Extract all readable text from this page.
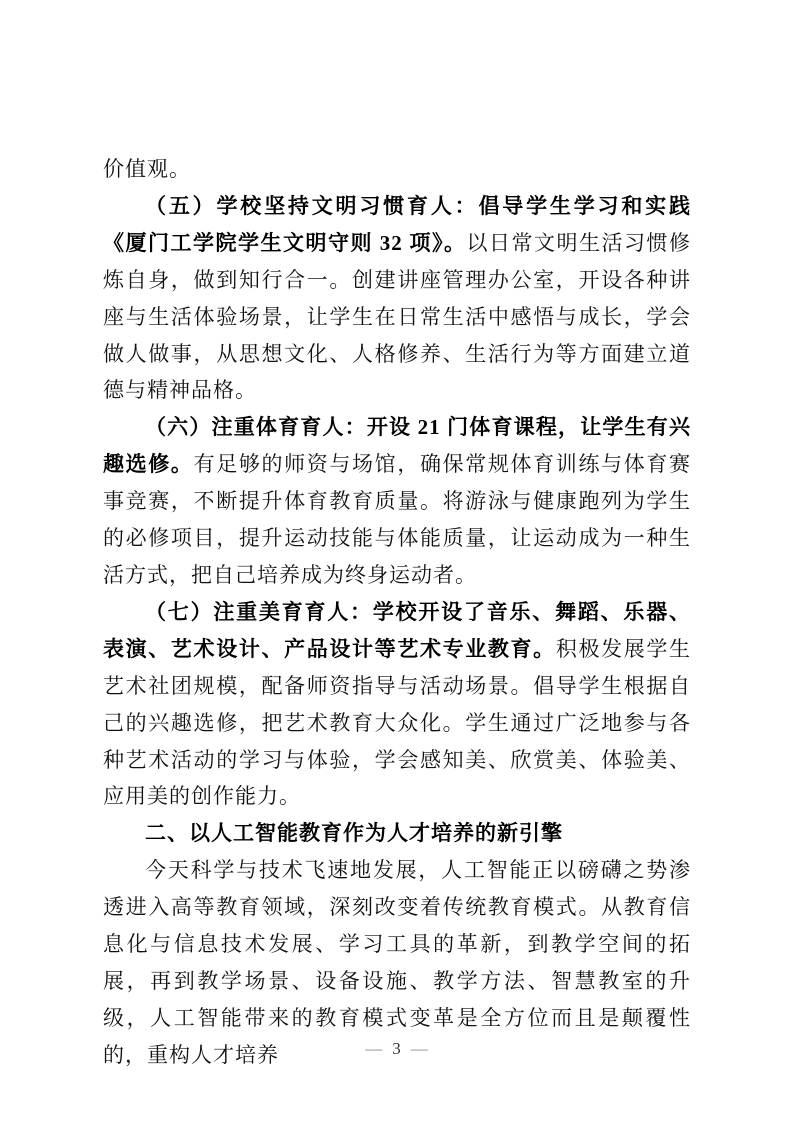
价值观。

（五）学校坚持文明习惯育人：倡导学生学习和实践《厦门工学院学生文明守则 32 项》。以日常文明生活习惯修炼自身，做到知行合一。创建讲座管理办公室，开设各种讲座与生活体验场景，让学生在日常生活中感悟与成长，学会做人做事，从思想文化、人格修养、生活行为等方面建立道德与精神品格。

（六）注重体育育人：开设 21 门体育课程，让学生有兴趣选修。有足够的师资与场馆，确保常规体育训练与体育赛事竞赛，不断提升体育教育质量。将游泳与健康跑列为学生的必修项目，提升运动技能与体能质量，让运动成为一种生活方式，把自己培养成为终身运动者。

（七）注重美育育人：学校开设了音乐、舞蹈、乐器、表演、艺术设计、产品设计等艺术专业教育。积极发展学生艺术社团规模，配备师资指导与活动场景。倡导学生根据自己的兴趣选修，把艺术教育大众化。学生通过广泛地参与各种艺术活动的学习与体验，学会感知美、欣赏美、体验美、应用美的创作能力。

二、以人工智能教育作为人才培养的新引擎

今天科学与技术飞速地发展，人工智能正以磅礴之势渗透进入高等教育领域，深刻改变着传统教育模式。从教育信息化与信息技术发展、学习工具的革新，到教学空间的拓展，再到教学场景、设备设施、教学方法、智慧教室的升级，人工智能带来的教育模式变革是全方位而且是颠覆性的，重构人才培养	— 3 —
